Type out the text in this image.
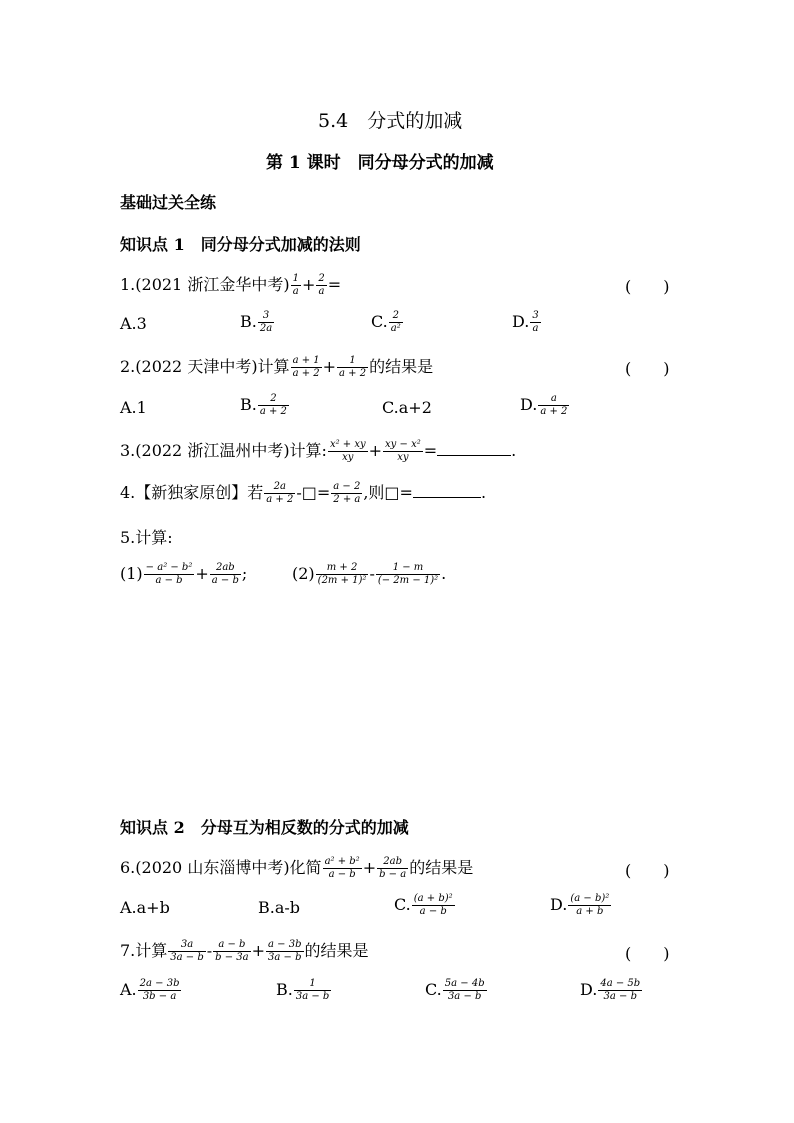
5.4　分式的加减
第 1 课时　同分母分式的加减
基础过关全练
知识点 1　同分母分式加减的法则
1.(2021 浙江金华中考) $\frac{1}{a} + \frac{2}{a}$ =	(　　)
A.3	B. $\frac{3}{2a}$	C. $\frac{2}{\text{a²}}$	D. $\frac{3}{a}$
2.(2022 天津中考)计算 $\frac{a + 1}{a + 2} + \frac{1}{a + 2}$ 的结果是	(　　)
A.1	B. $\frac{2}{a + 2}$	C.a+2	D. $\frac{a}{a + 2}$
3.(2022 浙江温州中考)计算: $\frac{\text{x² + xy}}{xy} + \frac{\text{xy − x²}}{xy}$ =	.
4.【新独家原创】若 $\frac{2a}{a + 2}$ -□= $\frac{a - 2}{2 + a}$ ,则□=	.
5.计算:
$(1) \frac{\text{− a² − b²}}{a - b} + \frac{2ab}{a - b}$ ;	$(2) \frac{m + 2}{\text{(2m + 1)²}} - \frac{1 - m}{\text{(− 2m − 1)²}}$ .
知识点 2　分母互为相反数的分式的加减
6.(2020 山东淄博中考)化简 $\frac{\text{a² + b²}}{a - b} + \frac{2ab}{b - a}$ 的结果是	(　　)
A.a+b	B.a-b	C. $\frac{\text{(a + b)²}}{a - b}$	D. $\frac{\text{(a − b)²}}{a + b}$
7.计算 $\frac{3a}{3a - b} - \frac{a - b}{b - 3a} + \frac{a - 3b}{3a - b}$ 的结果是	(　　)
A. $\frac{2a - 3b}{3b - a}$	B. $\frac{1}{3a - b}$	C. $\frac{5a - 4b}{3a - b}$	D. $\frac{4a - 5b}{3a - b}$
